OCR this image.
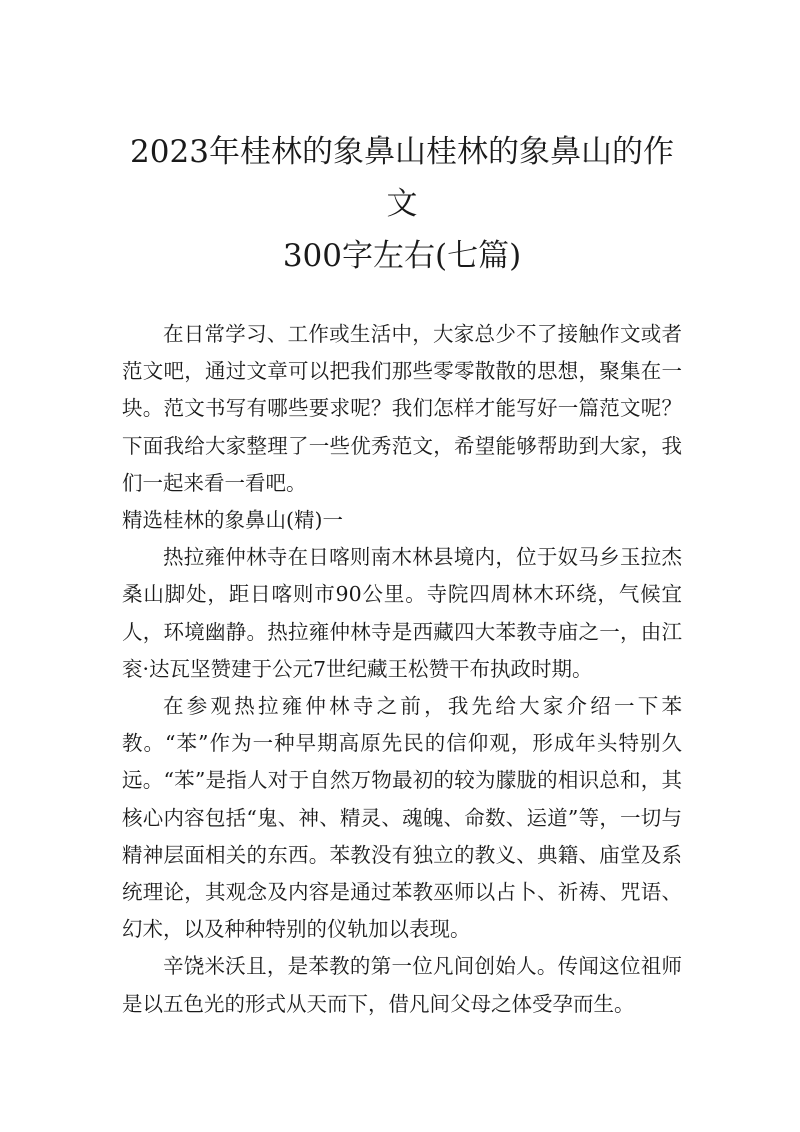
2023年桂林的象鼻山桂林的象鼻山的作文
300字左右(七篇)

在日常学习、工作或生活中，大家总少不了接触作文或者范文吧，通过文章可以把我们那些零零散散的思想，聚集在一块。范文书写有哪些要求呢？我们怎样才能写好一篇范文呢？下面我给大家整理了一些优秀范文，希望能够帮助到大家，我们一起来看一看吧。

精选桂林的象鼻山(精)一

热拉雍仲林寺在日喀则南木林县境内，位于奴马乡玉拉杰桑山脚处，距日喀则市90公里。寺院四周林木环绕，气候宜人，环境幽静。热拉雍仲林寺是西藏四大苯教寺庙之一，由江衮·达瓦坚赞建于公元7世纪藏王松赞干布执政时期。

在参观热拉雍仲林寺之前，我先给大家介绍一下苯教。“苯”作为一种早期高原先民的信仰观，形成年头特别久远。“苯”是指人对于自然万物最初的较为朦胧的相识总和，其核心内容包括“鬼、神、精灵、魂魄、命数、运道”等，一切与精神层面相关的东西。苯教没有独立的教义、典籍、庙堂及系统理论，其观念及内容是通过苯教巫师以占卜、祈祷、咒语、幻术，以及种种特别的仪轨加以表现。

辛饶米沃且，是苯教的第一位凡间创始人。传闻这位祖师是以五色光的形式从天而下，借凡间父母之体受孕而生。
